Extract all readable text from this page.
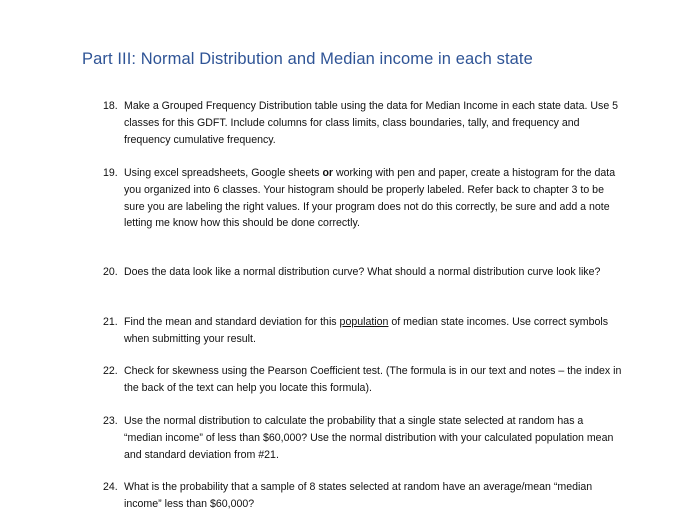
Part III: Normal Distribution and Median income in each state
18. Make a Grouped Frequency Distribution table using the data for Median Income in each state data. Use 5 classes for this GDFT. Include columns for class limits, class boundaries, tally, and frequency and frequency cumulative frequency.
19. Using excel spreadsheets, Google sheets or working with pen and paper, create a histogram for the data you organized into 6 classes. Your histogram should be properly labeled. Refer back to chapter 3 to be sure you are labeling the right values. If your program does not do this correctly, be sure and add a note letting me know how this should be done correctly.
20. Does the data look like a normal distribution curve? What should a normal distribution curve look like?
21. Find the mean and standard deviation for this population of median state incomes. Use correct symbols when submitting your result.
22. Check for skewness using the Pearson Coefficient test. (The formula is in our text and notes – the index in the back of the text can help you locate this formula).
23. Use the normal distribution to calculate the probability that a single state selected at random has a “median income” of less than $60,000? Use the normal distribution with your calculated population mean and standard deviation from #21.
24. What is the probability that a sample of 8 states selected at random have an average/mean “median income” less than $60,000?
